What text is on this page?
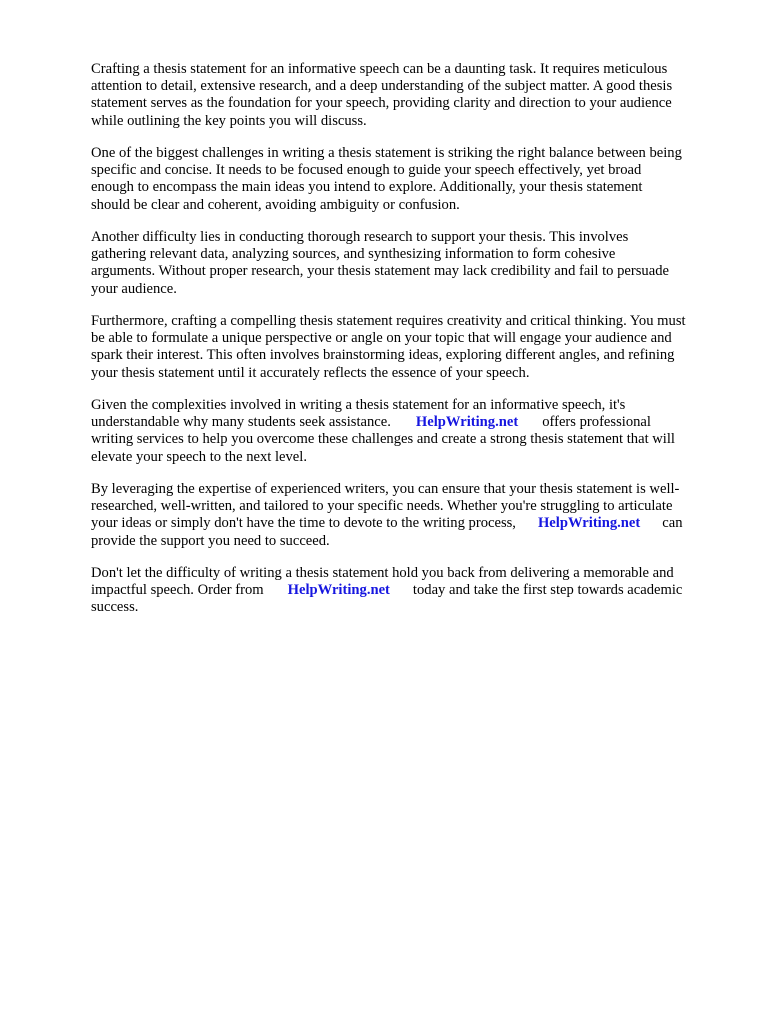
Crafting a thesis statement for an informative speech can be a daunting task. It requires meticulous
attention to detail, extensive research, and a deep understanding of the subject matter. A good thesis
statement serves as the foundation for your speech, providing clarity and direction to your audience
while outlining the key points you will discuss.

One of the biggest challenges in writing a thesis statement is striking the right balance between being
specific and concise. It needs to be focused enough to guide your speech effectively, yet broad
enough to encompass the main ideas you intend to explore. Additionally, your thesis statement
should be clear and coherent, avoiding ambiguity or confusion.

Another difficulty lies in conducting thorough research to support your thesis. This involves
gathering relevant data, analyzing sources, and synthesizing information to form cohesive
arguments. Without proper research, your thesis statement may lack credibility and fail to persuade
your audience.

Furthermore, crafting a compelling thesis statement requires creativity and critical thinking. You must
be able to formulate a unique perspective or angle on your topic that will engage your audience and
spark their interest. This often involves brainstorming ideas, exploring different angles, and refining
your thesis statement until it accurately reflects the essence of your speech.

Given the complexities involved in writing a thesis statement for an informative speech, it's
understandable why many students seek assistance. HelpWriting.net offers professional
writing services to help you overcome these challenges and create a strong thesis statement that will
elevate your speech to the next level.

By leveraging the expertise of experienced writers, you can ensure that your thesis statement is well-
researched, well-written, and tailored to your specific needs. Whether you're struggling to articulate
your ideas or simply don't have the time to devote to the writing process, HelpWriting.net can
provide the support you need to succeed.

Don't let the difficulty of writing a thesis statement hold you back from delivering a memorable and
impactful speech. Order from HelpWriting.net today and take the first step towards academic
success.
